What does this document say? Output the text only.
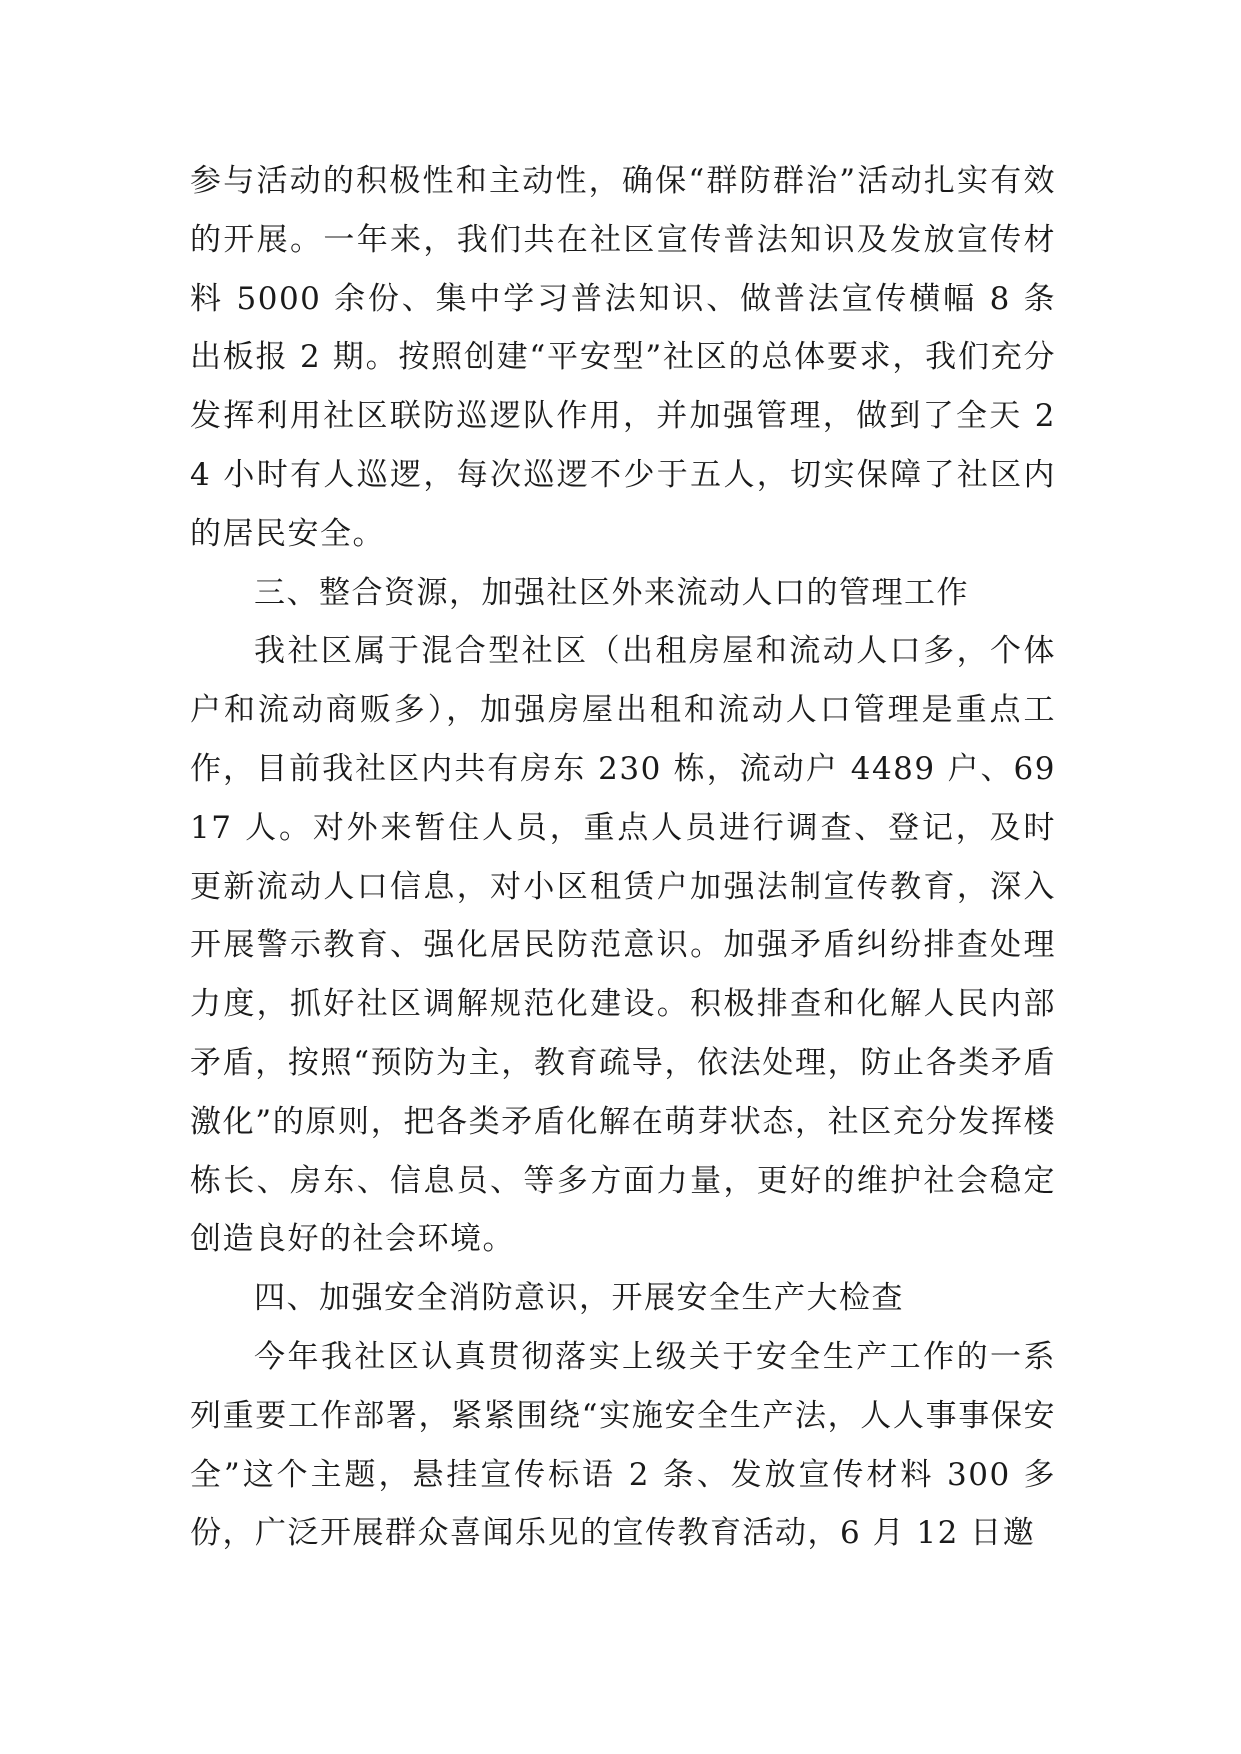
参与活动的积极性和主动性，确保“群防群治”活动扎实有效的开展。一年来，我们共在社区宣传普法知识及发放宣传材料 5000 余份、集中学习普法知识、做普法宣传横幅 8 条出板报 2 期。按照创建“平安型”社区的总体要求，我们充分发挥利用社区联防巡逻队作用，并加强管理，做到了全天 24 小时有人巡逻，每次巡逻不少于五人，切实保障了社区内的居民安全。

三、整合资源，加强社区外来流动人口的管理工作

我社区属于混合型社区（出租房屋和流动人口多，个体户和流动商贩多），加强房屋出租和流动人口管理是重点工作，目前我社区内共有房东 230 栋，流动户 4489 户、6917 人。对外来暂住人员，重点人员进行调查、登记，及时更新流动人口信息，对小区租赁户加强法制宣传教育，深入开展警示教育、强化居民防范意识。加强矛盾纠纷排查处理力度，抓好社区调解规范化建设。积极排查和化解人民内部矛盾，按照“预防为主，教育疏导，依法处理，防止各类矛盾激化”的原则，把各类矛盾化解在萌芽状态，社区充分发挥楼栋长、房东、信息员、等多方面力量，更好的维护社会稳定创造良好的社会环境。

四、加强安全消防意识，开展安全生产大检查

今年我社区认真贯彻落实上级关于安全生产工作的一系列重要工作部署，紧紧围绕“实施安全生产法，人人事事保安全”这个主题，悬挂宣传标语 2 条、发放宣传材料 300 多份，广泛开展群众喜闻乐见的宣传教育活动，6 月 12 日邀
